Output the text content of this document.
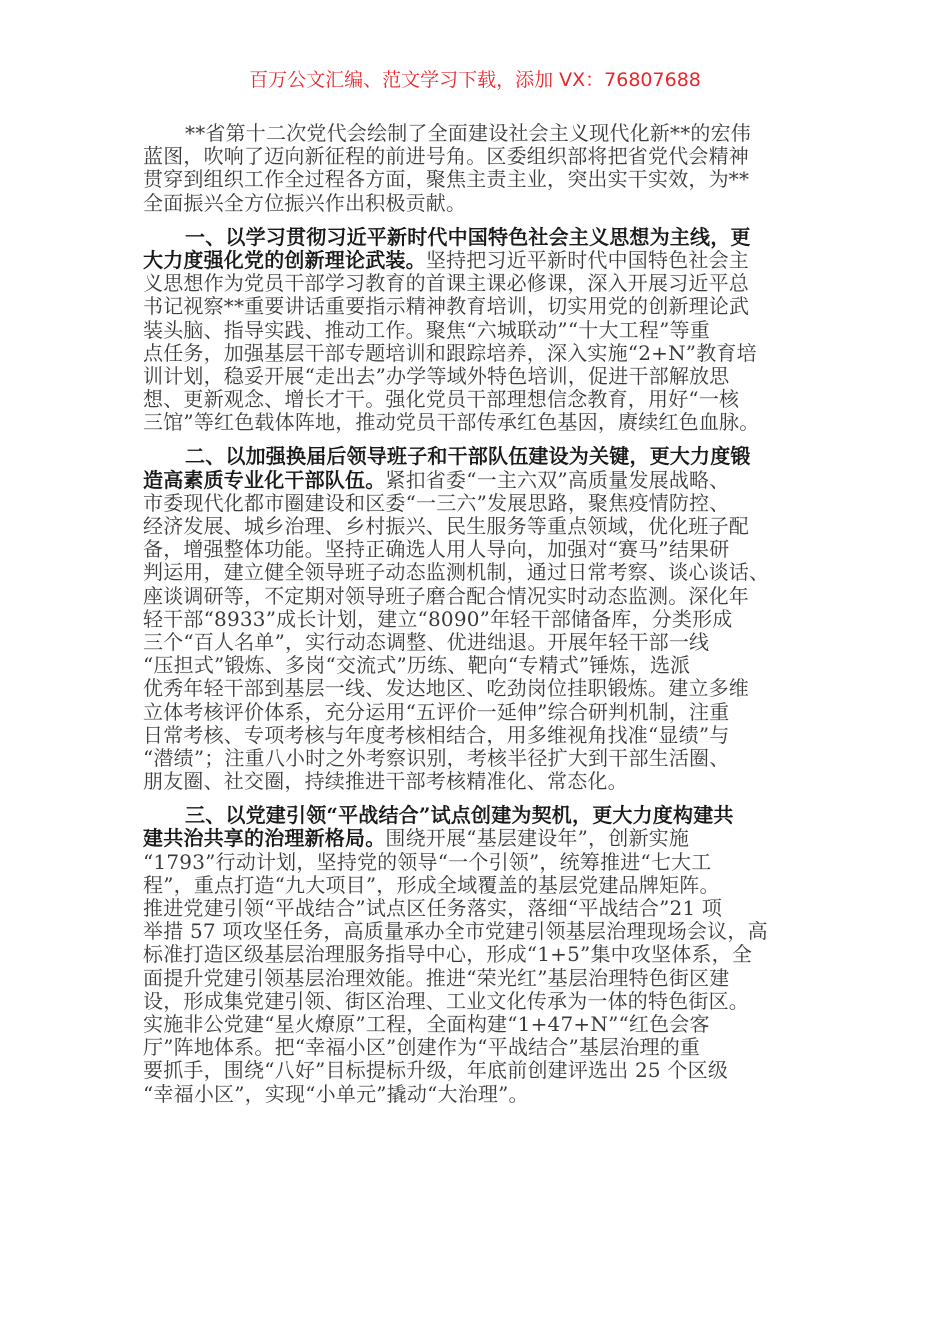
百万公文汇编、范文学习下载，添加 VX：76807688
**省第十二次党代会绘制了全面建设社会主义现代化新**的宏伟
蓝图，吹响了迈向新征程的前进号角。区委组织部将把省党代会精神
贯穿到组织工作全过程各方面，聚焦主责主业，突出实干实效，为**
全面振兴全方位振兴作出积极贡献。
一、以学习贯彻习近平新时代中国特色社会主义思想为主线，更
大力度强化党的创新理论武装。坚持把习近平新时代中国特色社会主
义思想作为党员干部学习教育的首课主课必修课，深入开展习近平总
书记视察**重要讲话重要指示精神教育培训，切实用党的创新理论武
装头脑、指导实践、推动工作。聚焦“六城联动”“十大工程”等重
点任务，加强基层干部专题培训和跟踪培养，深入实施“2+N”教育培
训计划，稳妥开展“走出去”办学等域外特色培训，促进干部解放思
想、更新观念、增长才干。强化党员干部理想信念教育，用好“一核
三馆”等红色载体阵地，推动党员干部传承红色基因，赓续红色血脉。
二、以加强换届后领导班子和干部队伍建设为关键，更大力度锻
造高素质专业化干部队伍。紧扣省委“一主六双”高质量发展战略、
市委现代化都市圈建设和区委“一三六”发展思路，聚焦疫情防控、
经济发展、城乡治理、乡村振兴、民生服务等重点领域，优化班子配
备，增强整体功能。坚持正确选人用人导向，加强对“赛马”结果研
判运用，建立健全领导班子动态监测机制，通过日常考察、谈心谈话、
座谈调研等，不定期对领导班子磨合配合情况实时动态监测。深化年
轻干部“8933”成长计划，建立“8090”年轻干部储备库，分类形成
三个“百人名单”，实行动态调整、优进绌退。开展年轻干部一线
“压担式”锻炼、多岗“交流式”历练、靶向“专精式”锤炼，选派
优秀年轻干部到基层一线、发达地区、吃劲岗位挂职锻炼。建立多维
立体考核评价体系，充分运用“五评价一延伸”综合研判机制，注重
日常考核、专项考核与年度考核相结合，用多维视角找准“显绩”与
“潜绩”；注重八小时之外考察识别，考核半径扩大到干部生活圈、
朋友圈、社交圈，持续推进干部考核精准化、常态化。
三、以党建引领“平战结合”试点创建为契机，更大力度构建共
建共治共享的治理新格局。围绕开展“基层建设年”，创新实施
“1793”行动计划，坚持党的领导“一个引领”，统筹推进“七大工
程”，重点打造“九大项目”，形成全域覆盖的基层党建品牌矩阵。
推进党建引领“平战结合”试点区任务落实，落细“平战结合”21 项
举措 57 项攻坚任务，高质量承办全市党建引领基层治理现场会议，高
标准打造区级基层治理服务指导中心，形成“1+5”集中攻坚体系，全
面提升党建引领基层治理效能。推进“荣光红”基层治理特色街区建
设，形成集党建引领、街区治理、工业文化传承为一体的特色街区。
实施非公党建“星火燎原”工程，全面构建“1+47+N”“红色会客
厅”阵地体系。把“幸福小区”创建作为“平战结合”基层治理的重
要抓手，围绕“八好”目标提标升级，年底前创建评选出 25 个区级
“幸福小区”，实现“小单元”撬动“大治理”。
